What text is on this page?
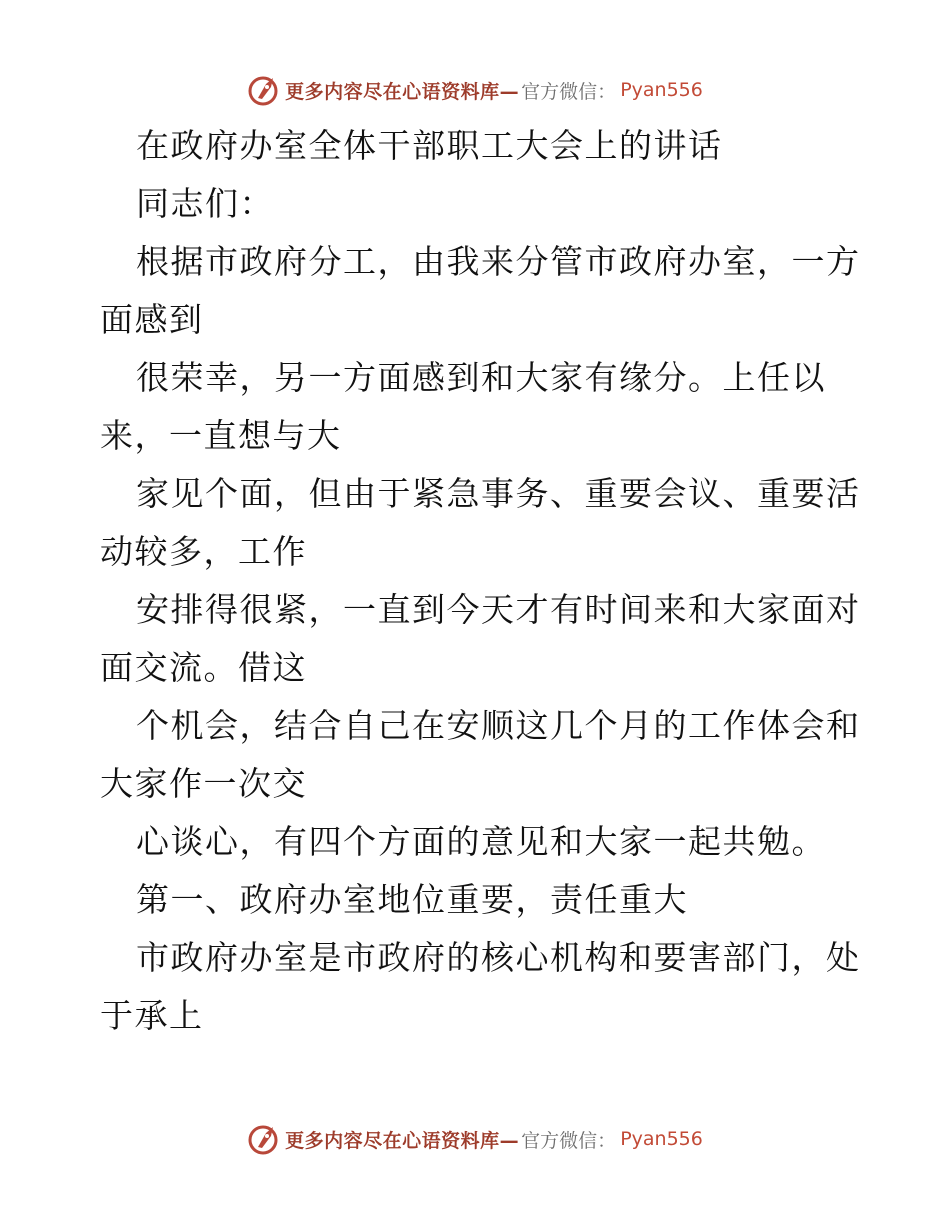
更多内容尽在心语资料库— 官方微信： Pyan556

在政府办室全体干部职工大会上的讲话

同志们：

根据市政府分工，由我来分管市政府办室，一方

面感到

很荣幸，另一方面感到和大家有缘分。上任以

来，一直想与大

家见个面，但由于紧急事务、重要会议、重要活

动较多，工作

安排得很紧，一直到今天才有时间来和大家面对

面交流。借这

个机会，结合自己在安顺这几个月的工作体会和

大家作一次交

心谈心，有四个方面的意见和大家一起共勉。

第一、政府办室地位重要，责任重大

市政府办室是市政府的核心机构和要害部门，处

于承上

更多内容尽在心语资料库— 官方微信： Pyan556
